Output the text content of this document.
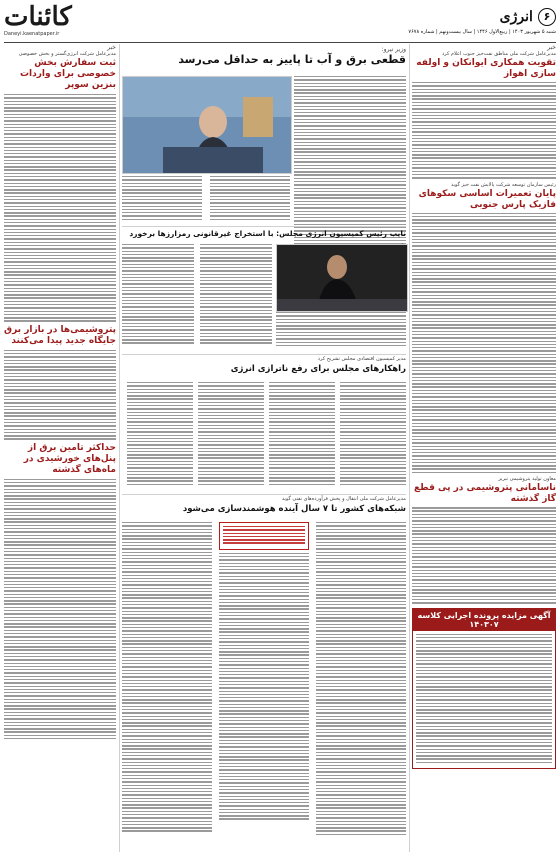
کائنات
Daneyi.kaenatpaper.ir
۶ انرژی
شنبه ۵ شهریور ۱۴۰۳ | ربیع‌الاول ۱۴۴۶ | سال بیست‌ونهم | شماره ۷۶۷۸
خبر
مدیرعامل شرکت انرژی‌گستر و بخش خصوصی
ثبت سفارش بخش خصوصی برای واردات بنزین سوپر
پتروشیمی‌ها در بازار برق جایگاه جدید پیدا می‌کنند
حداکثر تامین برق از پنل‌های خورشیدی در ماه‌های گذشته
وزیر نیرو:
قطعی برق و آب تا پاییز به حداقل می‌رسد
نایب رئیس کمیسیون انرژی مجلس: با استخراج غیرقانونی رمزارزها برخورد
مدیر کمیسیون اقتصادی مجلس تشریح کرد
راهکارهای مجلس برای رفع ناترازی انرژی
مدیرعامل شرکت ملی انتقال و پخش فرآورده‌های نفتی گوید
شبکه‌های کشور تا ۷ سال آینده هوشمندسازی می‌شود
خبر
مدیرعامل شرکت ملی مناطق نفت‌خیز جنوب اعلام کرد
تقویت همکاری ایوانکان و اولفه سازی اهواز
رئیس سازمان توسعه شرکت پالایش نفت خیز گوید
پایان تعمیرات اساسی سکوهای فازیک پارس جنوبی
معاون تولید پتروشیمی تبریز
ناسامانی پتروشیمی در پی قطع گاز گذشته
آگهی مزایده پرونده اجرایی کلاسه ۱۴۰۳۰۷
